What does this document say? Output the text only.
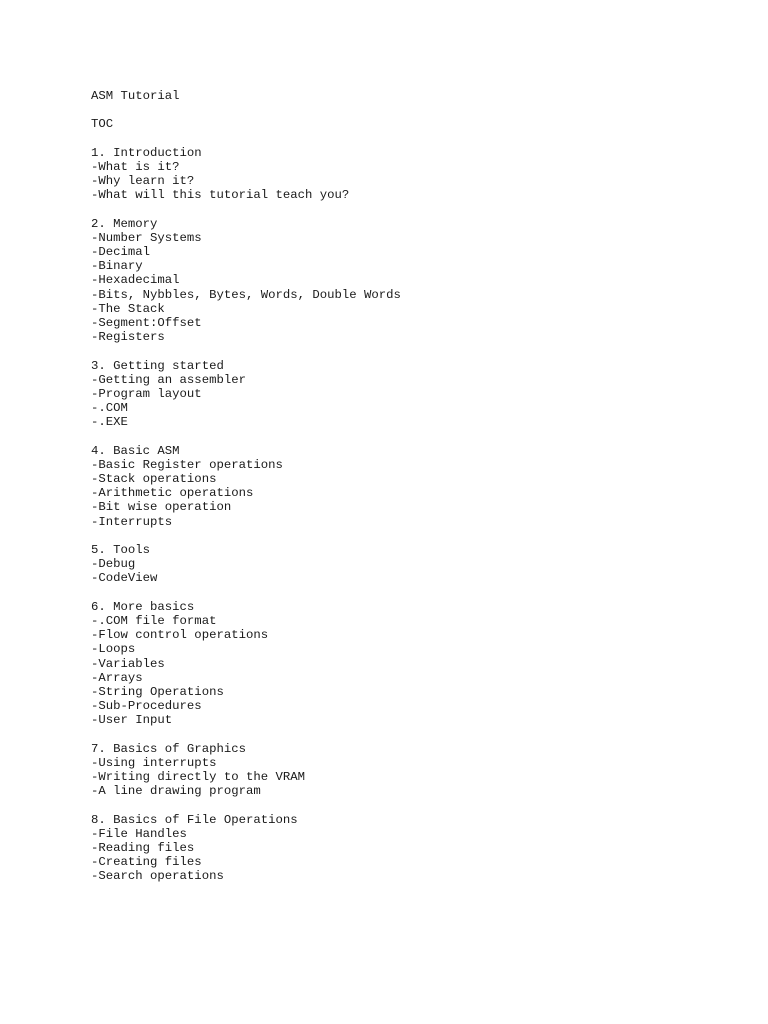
ASM Tutorial
TOC
1. Introduction
-What is it?
-Why learn it?
-What will this tutorial teach you?
2. Memory
-Number Systems
-Decimal
-Binary
-Hexadecimal
-Bits, Nybbles, Bytes, Words, Double Words
-The Stack
-Segment:Offset
-Registers
3. Getting started
-Getting an assembler
-Program layout
-.COM
-.EXE
4. Basic ASM
-Basic Register operations
-Stack operations
-Arithmetic operations
-Bit wise operation
-Interrupts
5. Tools
-Debug
-CodeView
6. More basics
-.COM file format
-Flow control operations
-Loops
-Variables
-Arrays
-String Operations
-Sub-Procedures
-User Input
7. Basics of Graphics
-Using interrupts
-Writing directly to the VRAM
-A line drawing program
8. Basics of File Operations
-File Handles
-Reading files
-Creating files
-Search operations
